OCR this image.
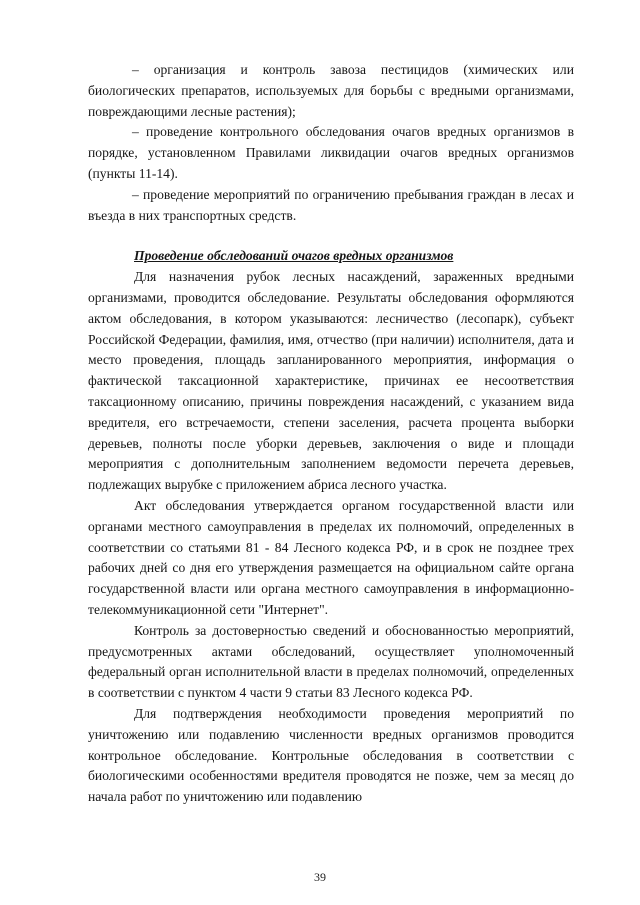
– организация и контроль завоза пестицидов (химических или биологических препаратов, используемых для борьбы с вредными организмами, повреждающими лесные растения);

– проведение контрольного обследования очагов вредных организмов в порядке, установленном Правилами ликвидации очагов вредных организмов (пункты 11-14).

– проведение мероприятий по ограничению пребывания граждан в лесах и въезда в них транспортных средств.

Проведение обследований очагов вредных организмов

Для назначения рубок лесных насаждений, зараженных вредными организмами, проводится обследование. Результаты обследования оформляются актом обследования, в котором указываются: лесничество (лесопарк), субъект Российской Федерации, фамилия, имя, отчество (при наличии) исполнителя, дата и место проведения, площадь запланированного мероприятия, информация о фактической таксационной характеристике, причинах ее несоответствия таксационному описанию, причины повреждения насаждений, с указанием вида вредителя, его встречаемости, степени заселения, расчета процента выборки деревьев, полноты после уборки деревьев, заключения о виде и площади мероприятия с дополнительным заполнением ведомости перечета деревьев, подлежащих вырубке с приложением абриса лесного участка.

Акт обследования утверждается органом государственной власти или органами местного самоуправления в пределах их полномочий, определенных в соответствии со статьями 81 - 84 Лесного кодекса РФ, и в срок не позднее трех рабочих дней со дня его утверждения размещается на официальном сайте органа государственной власти или органа местного самоуправления в информационно-телекоммуникационной сети "Интернет".

Контроль за достоверностью сведений и обоснованностью мероприятий, предусмотренных актами обследований, осуществляет уполномоченный федеральный орган исполнительной власти в пределах полномочий, определенных в соответствии с пунктом 4 части 9 статьи 83 Лесного кодекса РФ.

Для подтверждения необходимости проведения мероприятий по уничтожению или подавлению численности вредных организмов проводится контрольное обследование. Контрольные обследования в соответствии с биологическими особенностями вредителя проводятся не позже, чем за месяц до начала работ по уничтожению или подавлению

39
